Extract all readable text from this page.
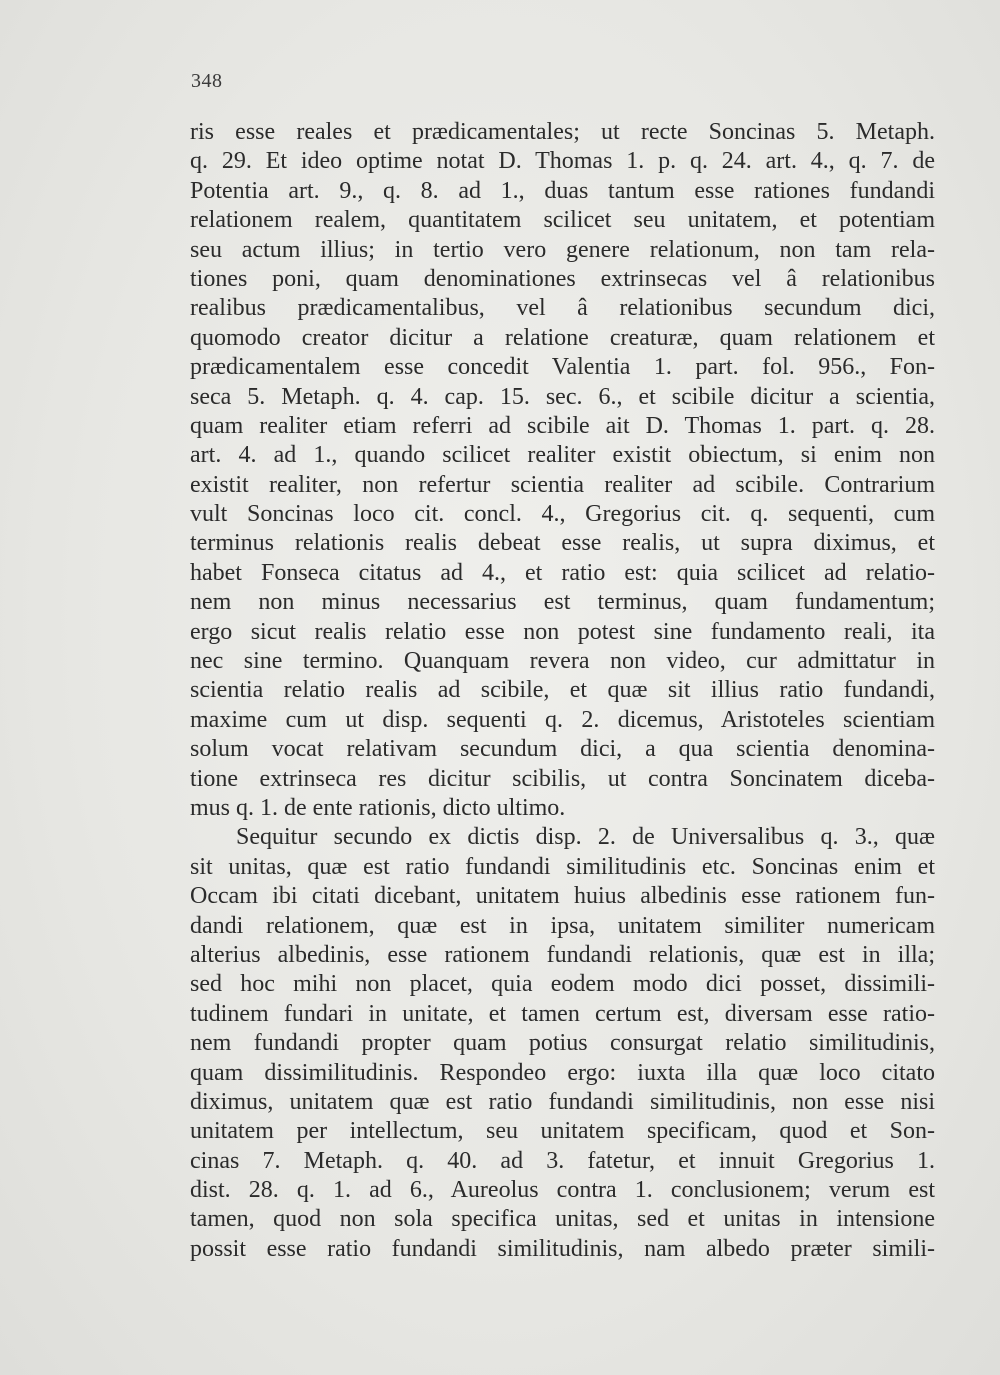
348
ris esse reales et prædicamentales; ut recte Soncinas 5. Metaph.
q. 29. Et ideo optime notat D. Thomas 1. p. q. 24. art. 4., q. 7. de
Potentia art. 9., q. 8. ad 1., duas tantum esse rationes fundandi
relationem realem, quantitatem scilicet seu unitatem, et potentiam
seu actum illius; in tertio vero genere relationum, non tam rela-
tiones poni, quam denominationes extrinsecas vel â relationibus
realibus prædicamentalibus, vel â relationibus secundum dici,
quomodo creator dicitur a relatione creaturæ, quam relationem et
prædicamentalem esse concedit Valentia 1. part. fol. 956., Fon-
seca 5. Metaph. q. 4. cap. 15. sec. 6., et scibile dicitur a scientia,
quam realiter etiam referri ad scibile ait D. Thomas 1. part. q. 28.
art. 4. ad 1., quando scilicet realiter existit obiectum, si enim non
existit realiter, non refertur scientia realiter ad scibile. Contrarium
vult Soncinas loco cit. concl. 4., Gregorius cit. q. sequenti, cum
terminus relationis realis debeat esse realis, ut supra diximus, et
habet Fonseca citatus ad 4., et ratio est: quia scilicet ad relatio-
nem non minus necessarius est terminus, quam fundamentum;
ergo sicut realis relatio esse non potest sine fundamento reali, ita
nec sine termino. Quanquam revera non video, cur admittatur in
scientia relatio realis ad scibile, et quæ sit illius ratio fundandi,
maxime cum ut disp. sequenti q. 2. dicemus, Aristoteles scientiam
solum vocat relativam secundum dici, a qua scientia denomina-
tione extrinseca res dicitur scibilis, ut contra Soncinatem diceba-
mus q. 1. de ente rationis, dicto ultimo.
Sequitur secundo ex dictis disp. 2. de Universalibus q. 3., quæ
sit unitas, quæ est ratio fundandi similitudinis etc. Soncinas enim et
Occam ibi citati dicebant, unitatem huius albedinis esse rationem fun-
dandi relationem, quæ est in ipsa, unitatem similiter numericam
alterius albedinis, esse rationem fundandi relationis, quæ est in illa;
sed hoc mihi non placet, quia eodem modo dici posset, dissimili-
tudinem fundari in unitate, et tamen certum est, diversam esse ratio-
nem fundandi propter quam potius consurgat relatio similitudinis,
quam dissimilitudinis. Respondeo ergo: iuxta illa quæ loco citato
diximus, unitatem quæ est ratio fundandi similitudinis, non esse nisi
unitatem per intellectum, seu unitatem specificam, quod et Son-
cinas 7. Metaph. q. 40. ad 3. fatetur, et innuit Gregorius 1.
dist. 28. q. 1. ad 6., Aureolus contra 1. conclusionem; verum est
tamen, quod non sola specifica unitas, sed et unitas in intensione
possit esse ratio fundandi similitudinis, nam albedo præter simili-
